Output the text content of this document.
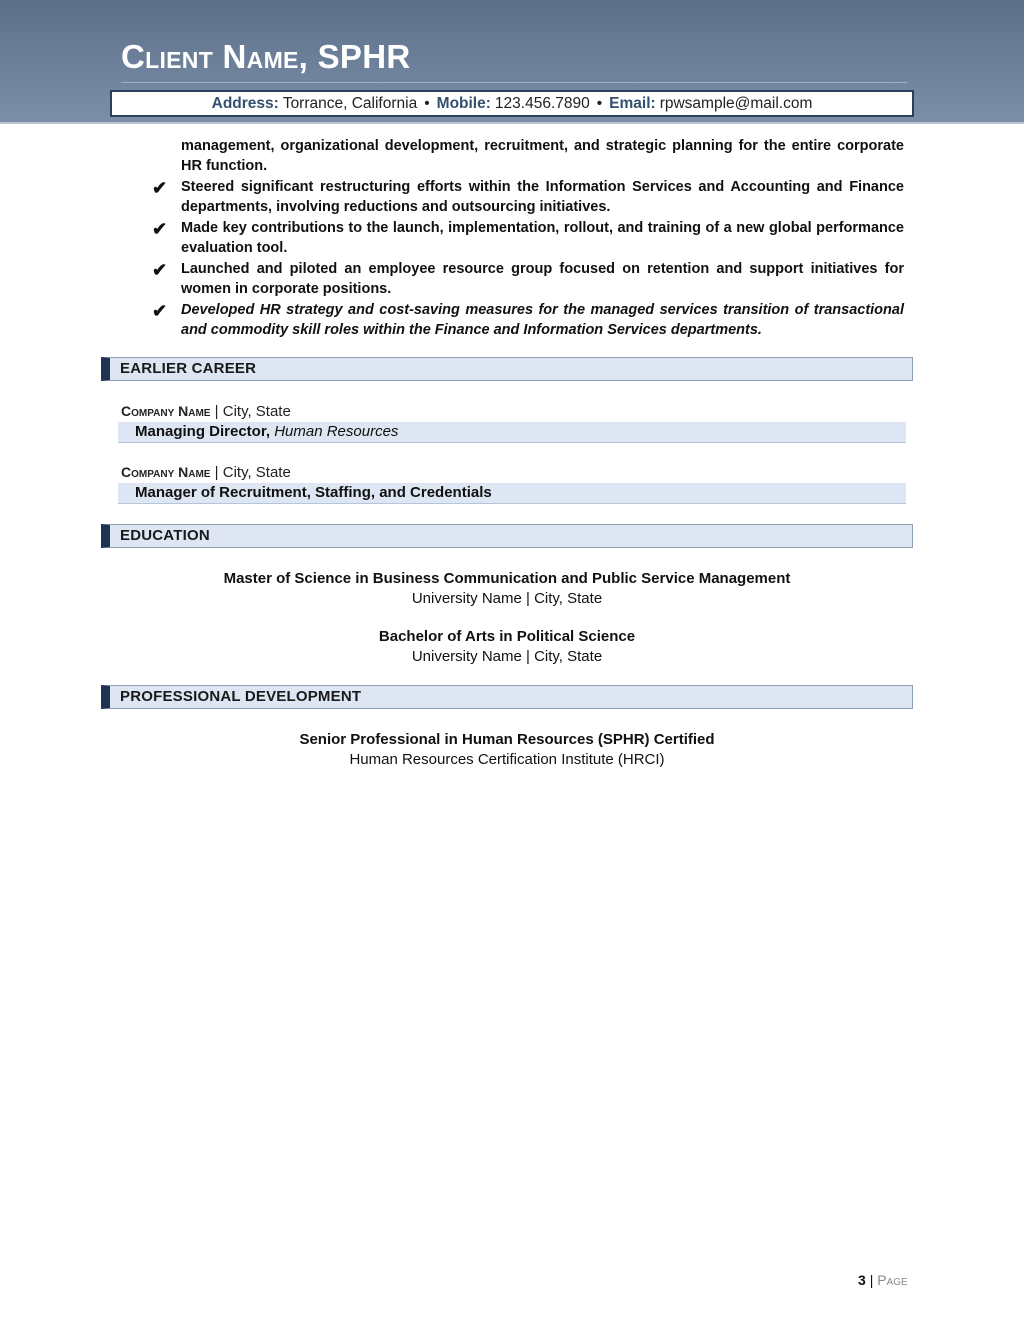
Client Name, SPHR
Address: Torrance, California • Mobile: 123.456.7890 • Email: rpwsample@mail.com
management, organizational development, recruitment, and strategic planning for the entire corporate HR function.
✔ Steered significant restructuring efforts within the Information Services and Accounting and Finance departments, involving reductions and outsourcing initiatives.
✔ Made key contributions to the launch, implementation, rollout, and training of a new global performance evaluation tool.
✔ Launched and piloted an employee resource group focused on retention and support initiatives for women in corporate positions.
✔ Developed HR strategy and cost-saving measures for the managed services transition of transactional and commodity skill roles within the Finance and Information Services departments.
EARLIER CAREER
Company Name | City, State
Managing Director, Human Resources
Company Name | City, State
Manager of Recruitment, Staffing, and Credentials
EDUCATION
Master of Science in Business Communication and Public Service Management
University Name | City, State
Bachelor of Arts in Political Science
University Name | City, State
PROFESSIONAL DEVELOPMENT
Senior Professional in Human Resources (SPHR) Certified
Human Resources Certification Institute (HRCI)
3 | Page
